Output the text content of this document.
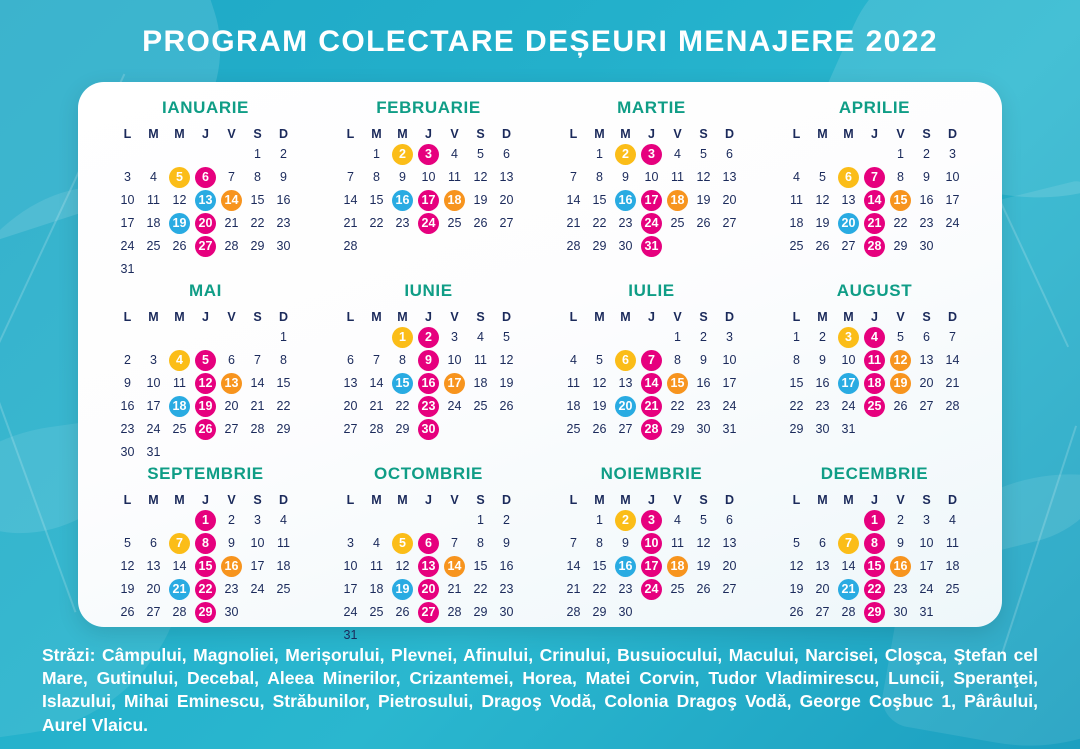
PROGRAM COLECTARE DEȘEURI MENAJERE 2022
IANUARIE
L	M	M	J	V	S	D
					1	2
3	4	5	6	7	8	9
10	11	12	13	14	15	16
17	18	19	20	21	22	23
24	25	26	27	28	29	30
31						
FEBRUARIE
L	M	M	J	V	S	D
	1	2	3	4	5	6
7	8	9	10	11	12	13
14	15	16	17	18	19	20
21	22	23	24	25	26	27
28						
MARTIE
L	M	M	J	V	S	D
	1	2	3	4	5	6
7	8	9	10	11	12	13
14	15	16	17	18	19	20
21	22	23	24	25	26	27
28	29	30	31			
APRILIE
L	M	M	J	V	S	D
				1	2	3
4	5	6	7	8	9	10
11	12	13	14	15	16	17
18	19	20	21	22	23	24
25	26	27	28	29	30	
MAI
L	M	M	J	V	S	D
						1
2	3	4	5	6	7	8
9	10	11	12	13	14	15
16	17	18	19	20	21	22
23	24	25	26	27	28	29
30	31					
IUNIE
L	M	M	J	V	S	D
		1	2	3	4	5
6	7	8	9	10	11	12
13	14	15	16	17	18	19
20	21	22	23	24	25	26
27	28	29	30			
IULIE
L	M	M	J	V	S	D
				1	2	3
4	5	6	7	8	9	10
11	12	13	14	15	16	17
18	19	20	21	22	23	24
25	26	27	28	29	30	31
AUGUST
L	M	M	J	V	S	D
1	2	3	4	5	6	7
8	9	10	11	12	13	14
15	16	17	18	19	20	21
22	23	24	25	26	27	28
29	30	31				
SEPTEMBRIE
L	M	M	J	V	S	D
			1	2	3	4
5	6	7	8	9	10	11
12	13	14	15	16	17	18
19	20	21	22	23	24	25
26	27	28	29	30		
OCTOMBRIE
L	M	M	J	V	S	D
					1	2
3	4	5	6	7	8	9
10	11	12	13	14	15	16
17	18	19	20	21	22	23
24	25	26	27	28	29	30
31						
NOIEMBRIE
L	M	M	J	V	S	D
	1	2	3	4	5	6
7	8	9	10	11	12	13
14	15	16	17	18	19	20
21	22	23	24	25	26	27
28	29	30				
DECEMBRIE
L	M	M	J	V	S	D
			1	2	3	4
5	6	7	8	9	10	11
12	13	14	15	16	17	18
19	20	21	22	23	24	25
26	27	28	29	30	31	
Străzi: Câmpului, Magnoliei, Merișorului, Plevnei, Afinului, Crinului, Busuiocului, Macului, Narcisei, Cloşca, Ştefan cel Mare, Gutinului, Decebal, Aleea Minerilor, Crizantemei, Horea, Matei Corvin, Tudor Vladimirescu, Luncii, Speranţei, Islazului, Mihai Eminescu, Străbunilor, Pietrosului, Dragoş Vodă, Colonia Dragoş Vodă, George Coşbuc 1, Pârâului, Aurel Vlaicu.
